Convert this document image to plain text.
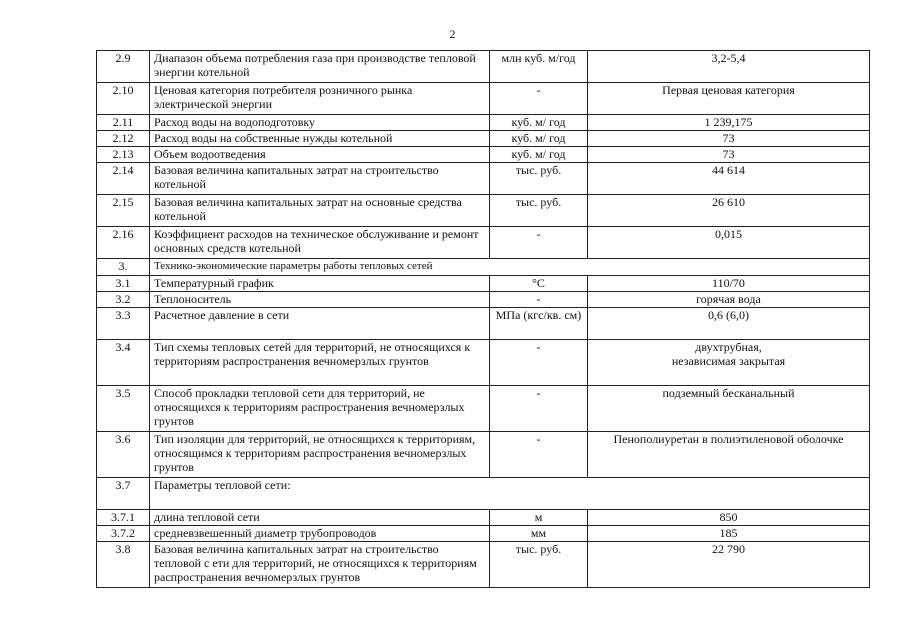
2
2.9	Диапазон объема потребления газа при производстве тепловой энергии котельной	млн куб. м/год	3,2-5,4
2.10	Ценовая категория потребителя розничного рынка электрической энергии	-	Первая ценовая категория
2.11	Расход воды на водоподготовку	куб. м/ год	1 239,175
2.12	Расход воды на собственные нужды котельной	куб. м/ год	73
2.13	Объем водоотведения	куб. м/ год	73
2.14	Базовая величина капитальных затрат на строительство котельной	тыс. руб.	44 614
2.15	Базовая величина капитальных затрат на основные средства котельной	тыс. руб.	26 610
2.16	Коэффициент расходов на техническое обслуживание и ремонт основных средств котельной	-	0,015
3.	Технико-экономические параметры работы тепловых сетей		
3.1	Температурный график	°С	110/70
3.2	Теплоноситель	-	горячая вода
3.3	Расчетное давление в сети	МПа (кгс/кв. см)	0,6 (6,0)
3.4	Тип схемы тепловых сетей для территорий, не относящихся к территориям распространения вечномерзлых грунтов	-	двухтрубная,
независимая закрытая

3.5	Способ прокладки тепловой сети для территорий, не относящихся к территориям распространения вечномерзлых грунтов	-	подземный бесканальный
3.6	Тип изоляции для территорий, не относящихся к территориям, относящимся к территориям распространения вечномерзлых грунтов	-	Пенополиуретан в полиэтиленовой оболочке
3.7	Параметры тепловой сети:		
3.7.1	длина тепловой сети	м	850
3.7.2	средневзвешенный диаметр трубопроводов	мм	185
3.8	Базовая величина капитальных затрат на строительство тепловой с ети для территорий, не относящихся к территориям распространения вечномерзлых грунтов	тыс. руб.	22 790
